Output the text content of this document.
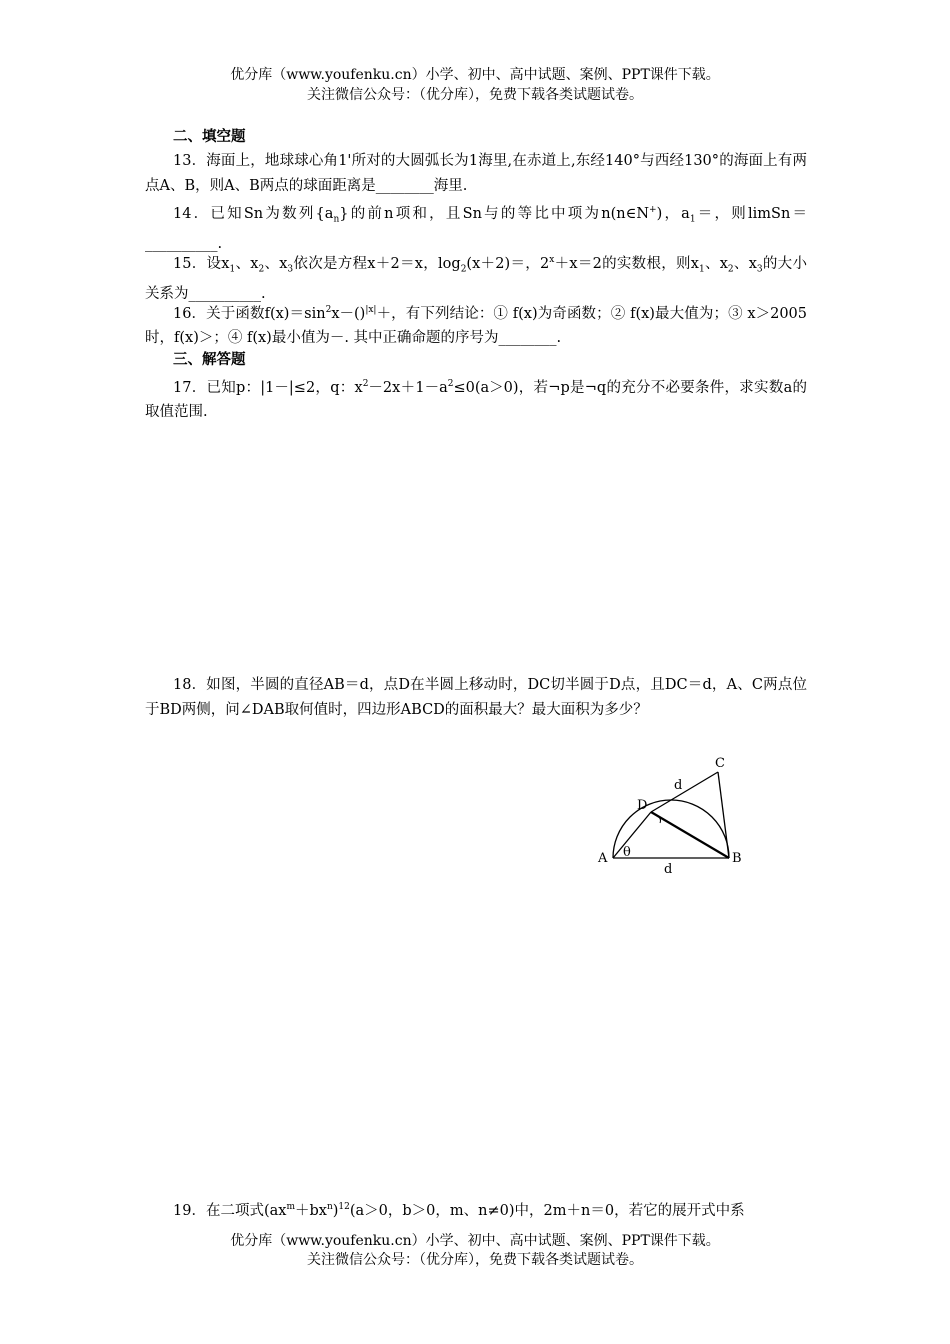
优分库（www.youfenku.cn）小学、初中、高中试题、案例、PPT课件下载。
关注微信公众号：（优分库），免费下载各类试题试卷。
二、填空题
13．海面上，地球球心角1'所对的大圆弧长为1海里,在赤道上,东经140°与西经130°的海面上有两点A、B，则A、B两点的球面距离是________海里.
14．已知Sn为数列$\{a_n\}$的前n项和，且Sn与的等比中项为n(n∈N+)，$a_1=$，则limSn＝__________.
15．设$x_1$、$x_2$、$x_3$依次是方程x＋2＝x，$\log_2(x+2)=$，$2^x+x=2$的实数根，则$x_1$、$x_2$、$x_3$的大小关系为__________.
16．关于函数$f(x)=\sin^2x-()^{|x|}+$，有下列结论：① f(x)为奇函数；② f(x)最大值为；③ x＞2005时，f(x)＞；④ f(x)最小值为－. 其中正确命题的序号为________.
三、解答题
17．已知p：|1－|≤2，q：$x^2-2x+1-a^2\le 0(a>0)$，若¬p是¬q的充分不必要条件，求实数a的取值范围.
18．如图，半圆的直径AB＝d，点D在半圆上移动时，DC切半圆于D点，且DC＝d，A、C两点位于BD两侧，问∠DAB取何值时，四边形ABCD的面积最大？最大面积为多少？
A	B
C
D
d
d
θ
19．在二项式$(ax^m+bx^n)^{12}(a>0$，b＞0，m、n≠0)中，2m＋n＝0，若它的展开式中系
优分库（www.youfenku.cn）小学、初中、高中试题、案例、PPT课件下载。
关注微信公众号：（优分库），免费下载各类试题试卷。
